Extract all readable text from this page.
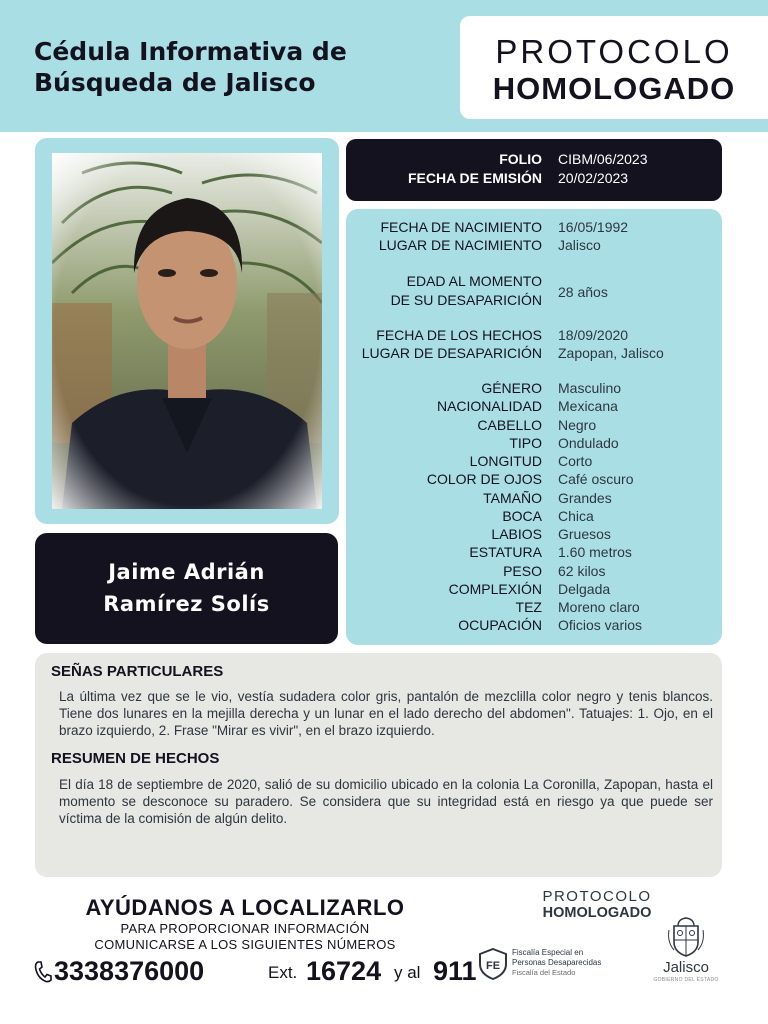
Cédula Informativa de
Búsqueda de Jalisco
PROTOCOLO
HOMOLOGADO
Jaime Adrián
Ramírez Solís
FOLIO CIBM/06/2023
FECHA DE EMISIÓN 20/02/2023
FECHA DE NACIMIENTO 16/05/1992
LUGAR DE NACIMIENTO Jalisco
EDAD AL MOMENTO
DE SU DESAPARICIÓN 28 años
FECHA DE LOS HECHOS 18/09/2020
LUGAR DE DESAPARICIÓN Zapopan, Jalisco
GÉNERO Masculino
NACIONALIDAD Mexicana
CABELLO Negro
TIPO Ondulado
LONGITUD Corto
COLOR DE OJOS Café oscuro
TAMAÑO Grandes
BOCA Chica
LABIOS Gruesos
ESTATURA 1.60 metros
PESO 62 kilos
COMPLEXIÓN Delgada
TEZ Moreno claro
OCUPACIÓN Oficios varios
SEÑAS PARTICULARES
La última vez que se le vio, vestía sudadera color gris, pantalón de mezclilla color negro y tenis blancos. Tiene dos lunares en la mejilla derecha y un lunar en el lado derecho del abdomen". Tatuajes: 1. Ojo, en el brazo izquierdo, 2. Frase "Mirar es vivir", en el brazo izquierdo.
RESUMEN DE HECHOS
El día 18 de septiembre de 2020, salió de su domicilio ubicado en la colonia La Coronilla, Zapopan, hasta el momento se desconoce su paradero. Se considera que su integridad está en riesgo ya que puede ser víctima de la comisión de algún delito.
AYÚDANOS A LOCALIZARLO
PARA PROPORCIONAR INFORMACIÓN
COMUNICARSE A LOS SIGUIENTES NÚMEROS
3338376000	Ext. 16724 y al 911
PROTOCOLO
HOMOLOGADO
FE
Fiscalía Especial en
Personas Desaparecidas
Fiscalía del Estado	Jalisco
GOBIERNO DEL ESTADO
